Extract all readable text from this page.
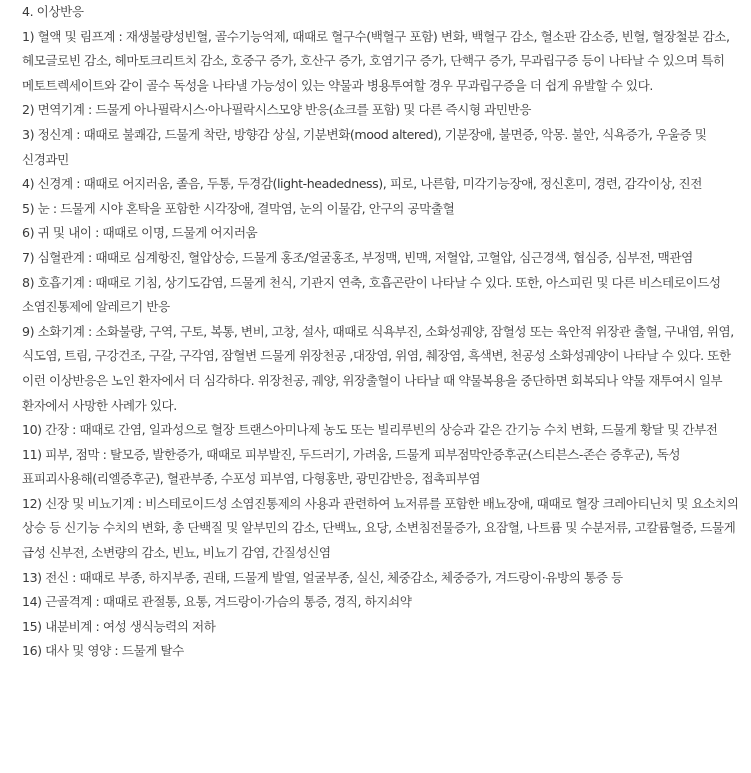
4. 이상반응

1) 혈액 및 림프계 : 재생불량성빈혈, 골수기능억제, 때때로 혈구수(백혈구 포함) 변화, 백혈구 감소, 혈소판 감소증, 빈혈, 혈장철분 감소, 헤모글로빈 감소, 헤마토크리트치 감소, 호중구 증가, 호산구 증가, 호염기구 증가, 단핵구 증가, 무과립구증 등이 나타날 수 있으며 특히 메토트렉세이트와 같이 골수 독성을 나타낼 가능성이 있는 약물과 병용투여할 경우 무과립구증을 더 쉽게 유발할 수 있다.

2) 면역기계 : 드물게 아나필락시스·아나필락시스모양 반응(쇼크를 포함) 및 다른 즉시형 과민반응

3) 정신계 : 때때로 불쾌감, 드물게 착란, 방향감 상실, 기분변화(mood altered), 기분장애, 불면증, 악몽. 불안, 식욕증가, 우울증 및 신경과민

4) 신경계 : 때때로 어지러움, 졸음, 두통, 두경감(light-headedness), 피로, 나른함, 미각기능장애, 정신혼미, 경련, 감각이상, 진전

5) 눈 : 드물게 시야 혼탁을 포함한 시각장애, 결막염, 눈의 이물감, 안구의 공막출혈

6) 귀 및 내이 : 때때로 이명, 드물게 어지러움

7) 심혈관계 : 때때로 심계항진, 혈압상승, 드물게 홍조/얼굴홍조, 부정맥, 빈맥, 저혈압, 고혈압, 심근경색, 협심증, 심부전, 맥관염

8) 호흡기계 : 때때로 기침, 상기도감염, 드물게 천식, 기관지 연축, 호흡곤란이 나타날 수 있다. 또한, 아스피린 및 다른 비스테로이드성 소염진통제에 알레르기 반응

9) 소화기계 : 소화불량, 구역, 구토, 복통, 변비, 고창, 설사, 때때로 식욕부진, 소화성궤양, 잠혈성 또는 육안적 위장관 출혈, 구내염, 위염, 식도염, 트림, 구강건조, 구갈, 구각염, 잠혈변 드물게 위장천공 ,대장염, 위염, 췌장염, 흑색변, 천공성 소화성궤양이 나타날 수 있다. 또한 이런 이상반응은 노인 환자에서 더 심각하다. 위장천공, 궤양, 위장출혈이 나타날 때 약물복용을 중단하면 회복되나 약물 재투여시 일부 환자에서 사망한 사례가 있다.

10) 간장 : 때때로 간염, 일과성으로 혈장 트랜스아미나제 농도 또는 빌리루빈의 상승과 같은 간기능 수치 변화, 드물게 황달 및 간부전

11) 피부, 점막 : 탈모증, 발한증가, 때때로 피부발진, 두드러기, 가려움, 드물게 피부점막안증후군(스티븐스-존슨 증후군), 독성 표피괴사용해(리엘증후군), 혈관부종, 수포성 피부염, 다형홍반, 광민감반응, 접촉피부염

12) 신장 및 비뇨기계 : 비스테로이드성 소염진통제의 사용과 관련하여 뇨저류를 포함한 배뇨장애, 때때로 혈장 크레아티닌치 및 요소치의 상승 등 신기능 수치의 변화, 총 단백질 및 알부민의 감소, 단백뇨, 요당, 소변침전물증가, 요잠혈, 나트륨 및 수분저류, 고칼륨혈증, 드물게 급성 신부전, 소변량의 감소, 빈뇨, 비뇨기 감염, 간질성신염

13) 전신 : 때때로 부종, 하지부종, 권태, 드물게 발열, 얼굴부종, 실신, 체중감소, 체중증가, 겨드랑이·유방의 통증 등

14) 근골격계 : 때때로 관절통, 요통, 겨드랑이·가슴의 통증, 경직, 하지쇠약

15) 내분비계 : 여성 생식능력의 저하

16) 대사 및 영양 : 드물게 탈수
